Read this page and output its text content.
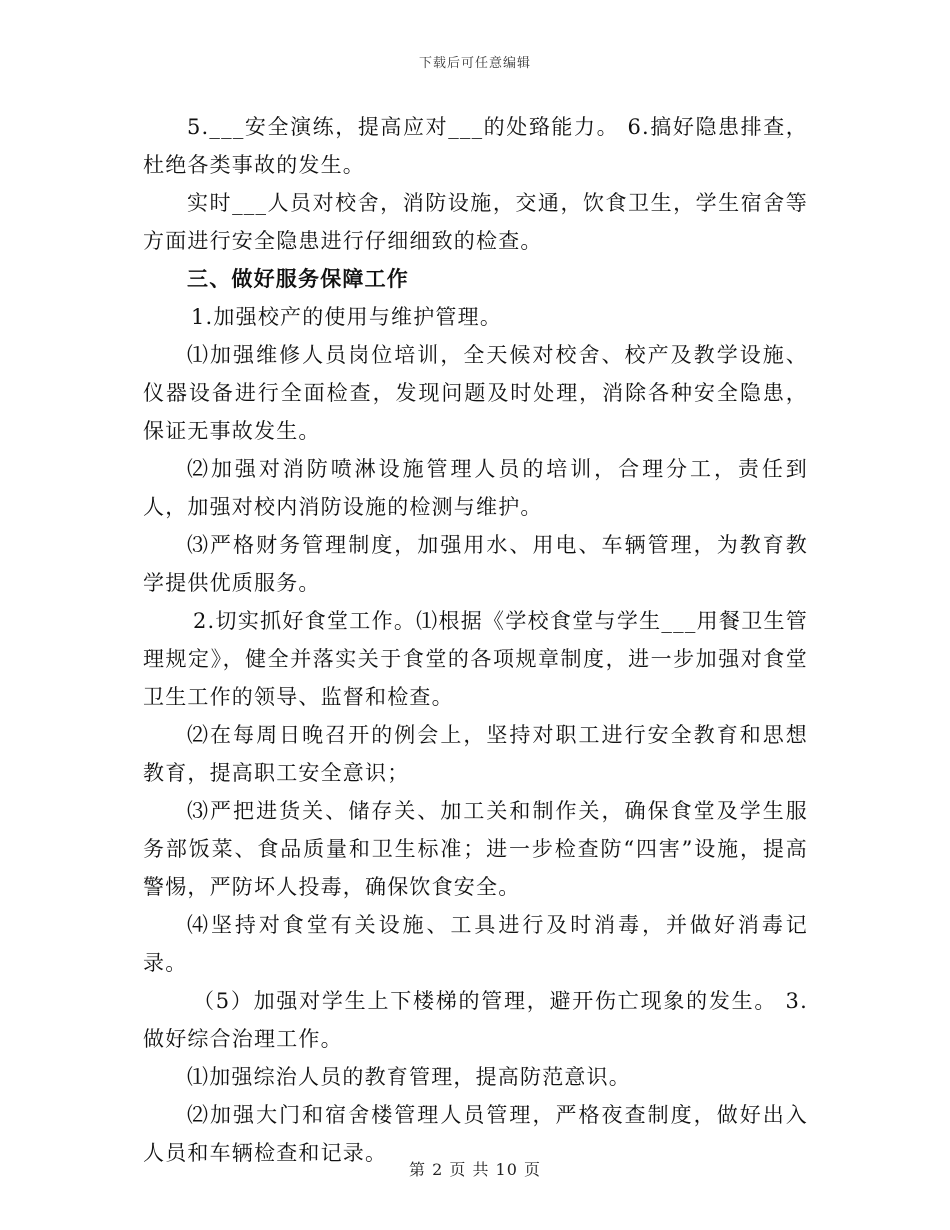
下载后可任意编辑

5.___安全演练，提高应对___的处臵能力。 6.搞好隐患排查，杜绝各类事故的发生。

实时___人员对校舍，消防设施，交通，饮食卫生，学生宿舍等方面进行安全隐患进行仔细细致的检查。

三、做好服务保障工作

1.加强校产的使用与维护管理。

⑴加强维修人员岗位培训，全天候对校舍、校产及教学设施、仪器设备进行全面检查，发现问题及时处理，消除各种安全隐患，保证无事故发生。

⑵加强对消防喷淋设施管理人员的培训，合理分工，责任到人，加强对校内消防设施的检测与维护。

⑶严格财务管理制度，加强用水、用电、车辆管理，为教育教学提供优质服务。

2.切实抓好食堂工作。⑴根据《学校食堂与学生___用餐卫生管理规定》，健全并落实关于食堂的各项规章制度，进一步加强对食堂卫生工作的领导、监督和检查。

⑵在每周日晚召开的例会上，坚持对职工进行安全教育和思想教育，提高职工安全意识；

⑶严把进货关、储存关、加工关和制作关，确保食堂及学生服务部饭菜、食品质量和卫生标准；进一步检查防“四害”设施，提高警惕，严防坏人投毒，确保饮食安全。

⑷坚持对食堂有关设施、工具进行及时消毒，并做好消毒记录。

（5）加强对学生上下楼梯的管理，避开伤亡现象的发生。 3.做好综合治理工作。

⑴加强综治人员的教育管理，提高防范意识。

⑵加强大门和宿舍楼管理人员管理，严格夜查制度，做好出入人员和车辆检查和记录。

第 2 页 共 10 页
